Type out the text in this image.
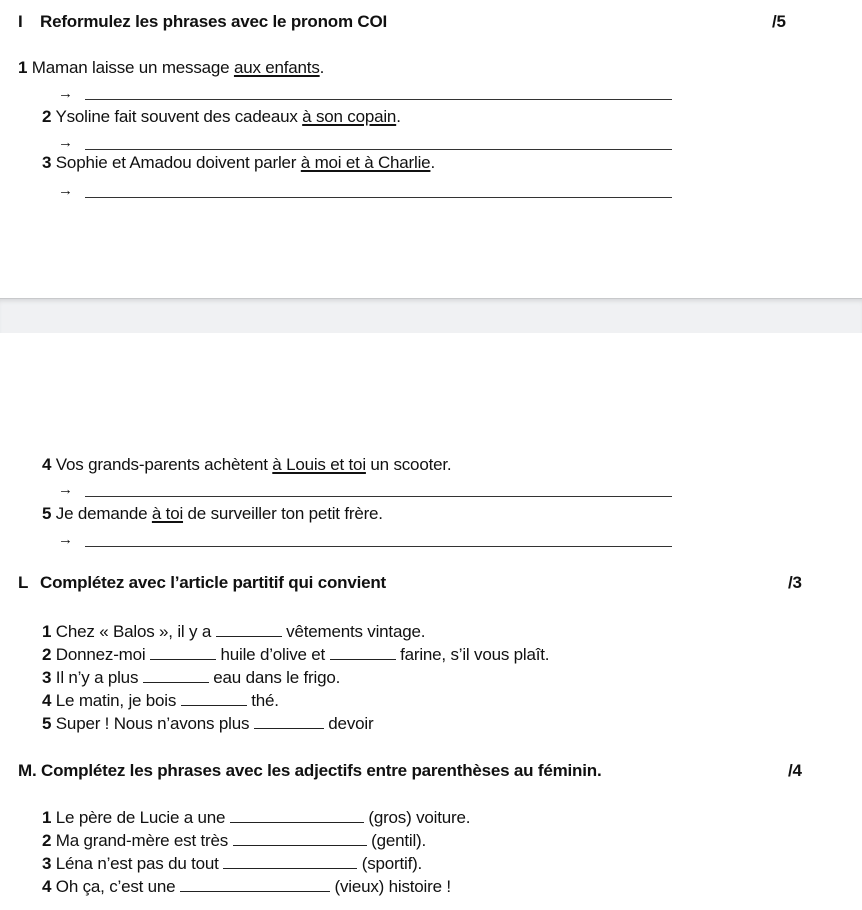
I Reformulez les phrases avec le pronom COI	/5
1 Maman laisse un message aux enfants.
→
2 Ysoline fait souvent des cadeaux à son copain.
→
3 Sophie et Amadou doivent parler à moi et à Charlie.
→
4 Vos grands-parents achètent à Louis et toi un scooter.
→
5 Je demande à toi de surveiller ton petit frère.
→
L Complétez avec l’article partitif qui convient	/3
1 Chez « Balos », il y a	vêtements vintage.
2 Donnez-moi	huile d’olive et	farine, s’il vous plaît.
3 Il n’y a plus	eau dans le frigo.
4 Le matin, je bois	thé.
5 Super ! Nous n’avons plus	devoir
M. Complétez les phrases avec les adjectifs entre parenthèses au féminin.	/4
1 Le père de Lucie a une	(gros) voiture.
2 Ma grand-mère est très	(gentil).
3 Léna n’est pas du tout	(sportif).
4 Oh ça, c’est une	(vieux) histoire !
